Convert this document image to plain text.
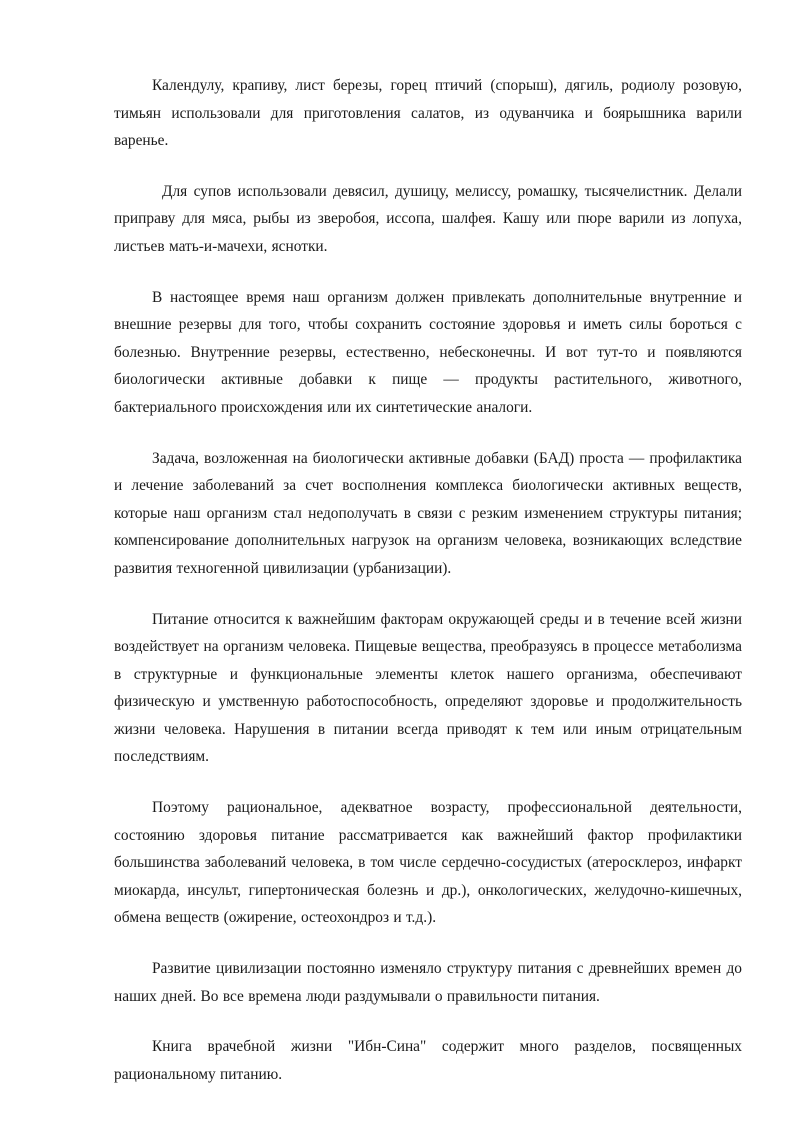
Календулу, крапиву, лист березы, горец птичий (спорыш), дягиль, родиолу розовую, тимьян использовали для приготовления салатов, из одуванчика и боярышника варили варенье.

Для супов использовали девясил, душицу, мелиссу, ромашку, тысячелистник. Делали приправу для мяса, рыбы из зверобоя, иссопа, шалфея. Кашу или пюре варили из лопуха, листьев мать-и-мачехи, яснотки.

В настоящее время наш организм должен привлекать дополнительные внутренние и внешние резервы для того, чтобы сохранить состояние здоровья и иметь силы бороться с болезнью. Внутренние резервы, естественно, небесконечны. И вот тут-то и появляются биологически активные добавки к пище — продукты растительного, животного, бактериального происхождения или их синтетические аналоги.

Задача, возложенная на биологически активные добавки (БАД) проста — профилактика и лечение заболеваний за счет восполнения комплекса биологически активных веществ, которые наш организм стал недополучать в связи с резким изменением структуры питания; компенсирование дополнительных нагрузок на организм человека, возникающих вследствие развития техногенной цивилизации (урбанизации).

Питание относится к важнейшим факторам окружающей среды и в течение всей жизни воздействует на организм человека. Пищевые вещества, преобразуясь в процессе метаболизма в структурные и функциональные элементы клеток нашего организма, обеспечивают физическую и умственную работоспособность, определяют здоровье и продолжительность жизни человека. Нарушения в питании всегда приводят к тем или иным отрицательным последствиям.

Поэтому рациональное, адекватное возрасту, профессиональной деятельности, состоянию здоровья питание рассматривается как важнейший фактор профилактики большинства заболеваний человека, в том числе сердечно-сосудистых (атеросклероз, инфаркт миокарда, инсульт, гипертоническая болезнь и др.), онкологических, желудочно-кишечных, обмена веществ (ожирение, остеохондроз и т.д.).

Развитие цивилизации постоянно изменяло структуру питания с древнейших времен до наших дней. Во все времена люди раздумывали о правильности питания.

Книга врачебной жизни "Ибн-Сина" содержит много разделов, посвященных рациональному питанию.
